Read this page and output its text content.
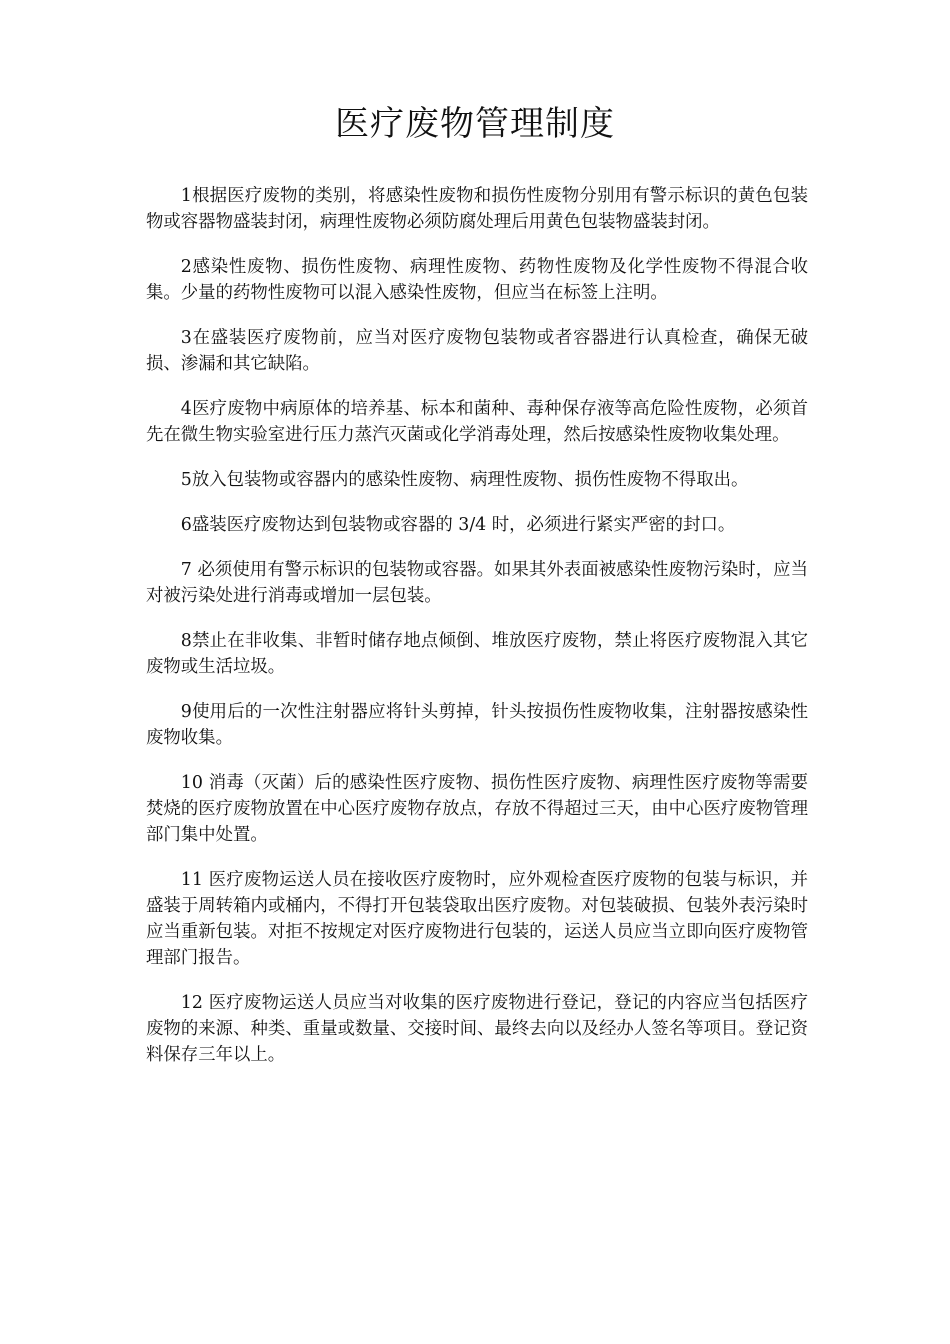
医疗废物管理制度

1根据医疗废物的类别，将感染性废物和损伤性废物分别用有警示标识的黄色包装物或容器物盛装封闭，病理性废物必须防腐处理后用黄色包装物盛装封闭。

2感染性废物、损伤性废物、病理性废物、药物性废物及化学性废物不得混合收集。少量的药物性废物可以混入感染性废物，但应当在标签上注明。

3在盛装医疗废物前，应当对医疗废物包装物或者容器进行认真检查，确保无破损、渗漏和其它缺陷。

4医疗废物中病原体的培养基、标本和菌种、毒种保存液等高危险性废物，必须首先在微生物实验室进行压力蒸汽灭菌或化学消毒处理，然后按感染性废物收集处理。

5放入包装物或容器内的感染性废物、病理性废物、损伤性废物不得取出。

6盛装医疗废物达到包装物或容器的 3/4 时，必须进行紧实严密的封口。

7 必须使用有警示标识的包装物或容器。如果其外表面被感染性废物污染时，应当对被污染处进行消毒或增加一层包装。

8禁止在非收集、非暂时储存地点倾倒、堆放医疗废物，禁止将医疗废物混入其它废物或生活垃圾。

9使用后的一次性注射器应将针头剪掉，针头按损伤性废物收集，注射器按感染性废物收集。

10 消毒（灭菌）后的感染性医疗废物、损伤性医疗废物、病理性医疗废物等需要焚烧的医疗废物放置在中心医疗废物存放点，存放不得超过三天，由中心医疗废物管理部门集中处置。

11 医疗废物运送人员在接收医疗废物时，应外观检查医疗废物的包装与标识，并盛装于周转箱内或桶内，不得打开包装袋取出医疗废物。对包装破损、包装外表污染时应当重新包装。对拒不按规定对医疗废物进行包装的，运送人员应当立即向医疗废物管理部门报告。

12 医疗废物运送人员应当对收集的医疗废物进行登记，登记的内容应当包括医疗废物的来源、种类、重量或数量、交接时间、最终去向以及经办人签名等项目。登记资料保存三年以上。
